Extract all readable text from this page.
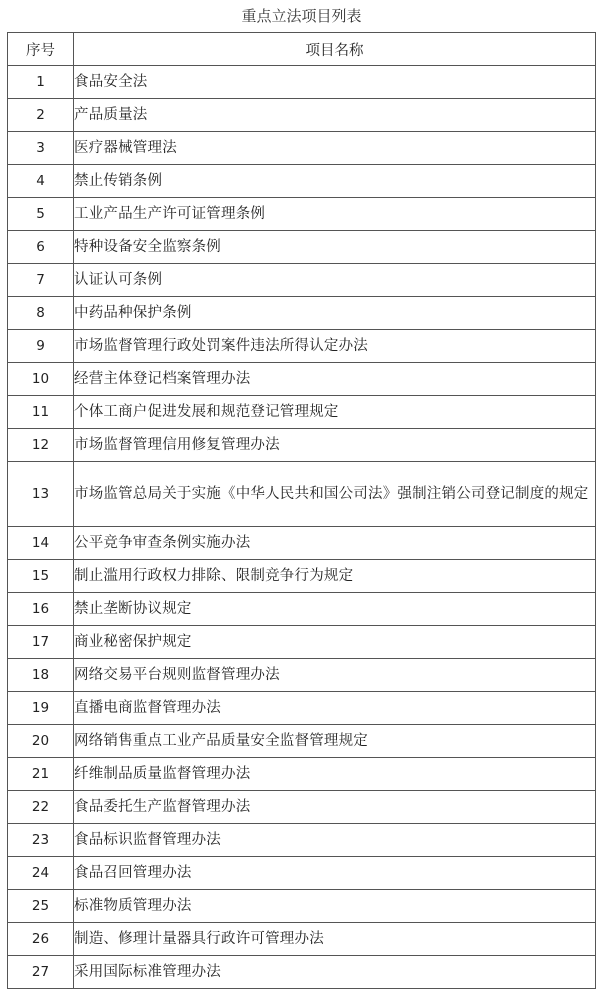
重点立法项目列表
序号	项目名称
1	食品安全法
2	产品质量法
3	医疗器械管理法
4	禁止传销条例
5	工业产品生产许可证管理条例
6	特种设备安全监察条例
7	认证认可条例
8	中药品种保护条例
9	市场监督管理行政处罚案件违法所得认定办法
10	经营主体登记档案管理办法
11	个体工商户促进发展和规范登记管理规定
12	市场监督管理信用修复管理办法
13	市场监管总局关于实施《中华人民共和国公司法》强制注销公司登记制度的规定
14	公平竞争审查条例实施办法
15	制止滥用行政权力排除、限制竞争行为规定
16	禁止垄断协议规定
17	商业秘密保护规定
18	网络交易平台规则监督管理办法
19	直播电商监督管理办法
20	网络销售重点工业产品质量安全监督管理规定
21	纤维制品质量监督管理办法
22	食品委托生产监督管理办法
23	食品标识监督管理办法
24	食品召回管理办法
25	标准物质管理办法
26	制造、修理计量器具行政许可管理办法
27	采用国际标准管理办法
